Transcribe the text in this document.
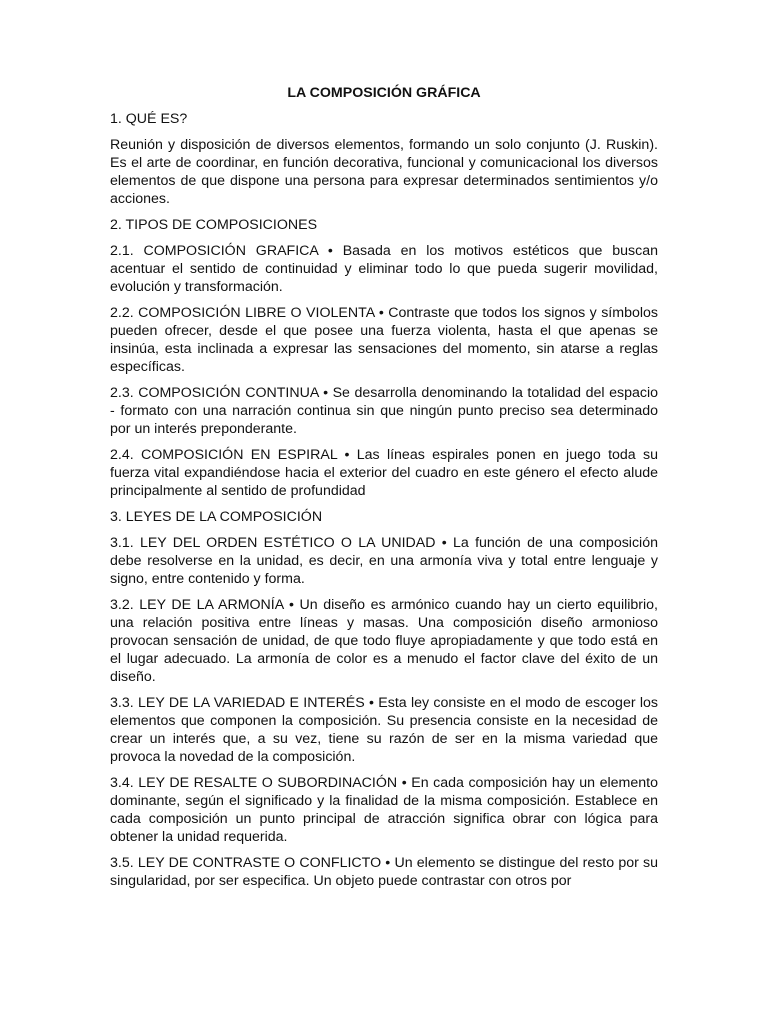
LA COMPOSICIÓN GRÁFICA
1. QUÉ ES?

Reunión y disposición de diversos elementos, formando un solo conjunto (J. Ruskin). Es el arte de coordinar, en función decorativa, funcional y comunicacional los diversos elementos de que dispone una persona para expresar determinados sentimientos y/o acciones.

2. TIPOS DE COMPOSICIONES

2.1. COMPOSICIÓN GRAFICA • Basada en los motivos estéticos que buscan acentuar el sentido de continuidad y eliminar todo lo que pueda sugerir movilidad, evolución y transformación.

2.2. COMPOSICIÓN LIBRE O VIOLENTA • Contraste que todos los signos y símbolos pueden ofrecer, desde el que posee una fuerza violenta, hasta el que apenas se insinúa, esta inclinada a expresar las sensaciones del momento, sin atarse a reglas específicas.

2.3. COMPOSICIÓN CONTINUA • Se desarrolla denominando la totalidad del espacio - formato con una narración continua sin que ningún punto preciso sea determinado por un interés preponderante.

2.4. COMPOSICIÓN EN ESPIRAL • Las líneas espirales ponen en juego toda su fuerza vital expandiéndose hacia el exterior del cuadro en este género el efecto alude principalmente al sentido de profundidad

3. LEYES DE LA COMPOSICIÓN

3.1. LEY DEL ORDEN ESTÉTICO O LA UNIDAD • La función de una composición debe resolverse en la unidad, es decir, en una armonía viva y total entre lenguaje y signo, entre contenido y forma.

3.2. LEY DE LA ARMONÍA • Un diseño es armónico cuando hay un cierto equilibrio, una relación positiva entre líneas y masas. Una composición diseño armonioso provocan sensación de unidad, de que todo fluye apropiadamente y que todo está en el lugar adecuado. La armonía de color es a menudo el factor clave del éxito de un diseño.

3.3. LEY DE LA VARIEDAD E INTERÉS • Esta ley consiste en el modo de escoger los elementos que componen la composición. Su presencia consiste en la necesidad de crear un interés que, a su vez, tiene su razón de ser en la misma variedad que provoca la novedad de la composición.

3.4. LEY DE RESALTE O SUBORDINACIÓN • En cada composición hay un elemento dominante, según el significado y la finalidad de la misma composición. Establece en cada composición un punto principal de atracción significa obrar con lógica para obtener la unidad requerida.

3.5. LEY DE CONTRASTE O CONFLICTO • Un elemento se distingue del resto por su singularidad, por ser especifica. Un objeto puede contrastar con otros por
